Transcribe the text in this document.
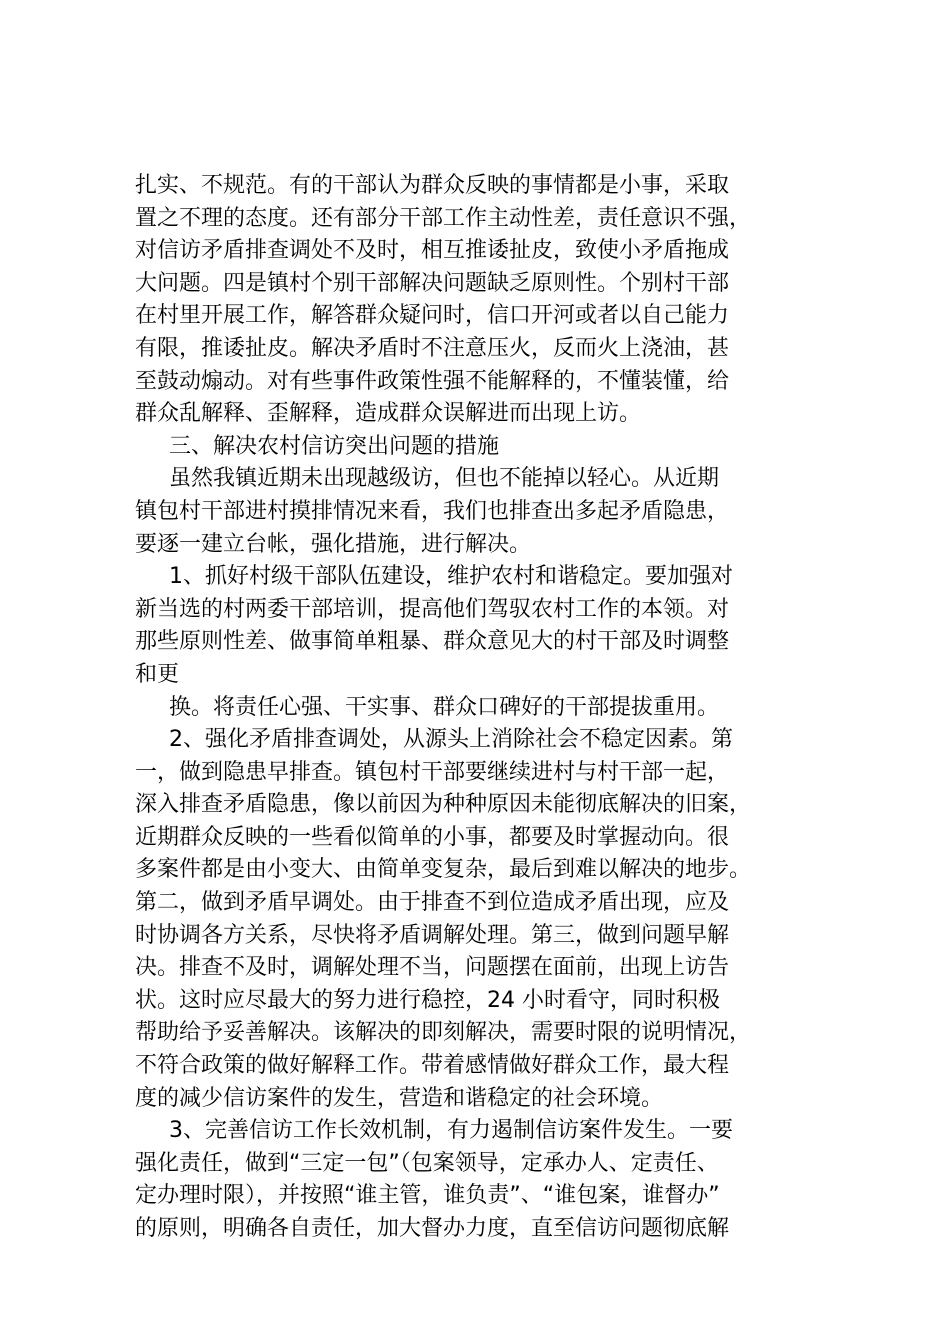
扎实、不规范。有的干部认为群众反映的事情都是小事，采取
置之不理的态度。还有部分干部工作主动性差，责任意识不强，
对信访矛盾排查调处不及时，相互推诿扯皮，致使小矛盾拖成
大问题。四是镇村个别干部解决问题缺乏原则性。个别村干部
在村里开展工作，解答群众疑问时，信口开河或者以自己能力
有限，推诿扯皮。解决矛盾时不注意压火，反而火上浇油，甚
至鼓动煽动。对有些事件政策性强不能解释的，不懂装懂，给
群众乱解释、歪解释，造成群众误解进而出现上访。
三、解决农村信访突出问题的措施
虽然我镇近期未出现越级访，但也不能掉以轻心。从近期
镇包村干部进村摸排情况来看，我们也排查出多起矛盾隐患，
要逐一建立台帐，强化措施，进行解决。
1、抓好村级干部队伍建设，维护农村和谐稳定。要加强对
新当选的村两委干部培训，提高他们驾驭农村工作的本领。对
那些原则性差、做事简单粗暴、群众意见大的村干部及时调整
和更
换。将责任心强、干实事、群众口碑好的干部提拔重用。
2、强化矛盾排查调处，从源头上消除社会不稳定因素。第
一，做到隐患早排查。镇包村干部要继续进村与村干部一起，
深入排查矛盾隐患，像以前因为种种原因未能彻底解决的旧案，
近期群众反映的一些看似简单的小事，都要及时掌握动向。很
多案件都是由小变大、由简单变复杂，最后到难以解决的地步。
第二，做到矛盾早调处。由于排查不到位造成矛盾出现，应及
时协调各方关系，尽快将矛盾调解处理。第三，做到问题早解
决。排查不及时，调解处理不当，问题摆在面前，出现上访告
状。这时应尽最大的努力进行稳控，24 小时看守，同时积极
帮助给予妥善解决。该解决的即刻解决，需要时限的说明情况，
不符合政策的做好解释工作。带着感情做好群众工作，最大程
度的减少信访案件的发生，营造和谐稳定的社会环境。
3、完善信访工作长效机制，有力遏制信访案件发生。一要
强化责任，做到“三定一包”（包案领导，定承办人、定责任、
定办理时限），并按照“谁主管，谁负责”、“谁包案，谁督办”
的原则，明确各自责任，加大督办力度，直至信访问题彻底解
